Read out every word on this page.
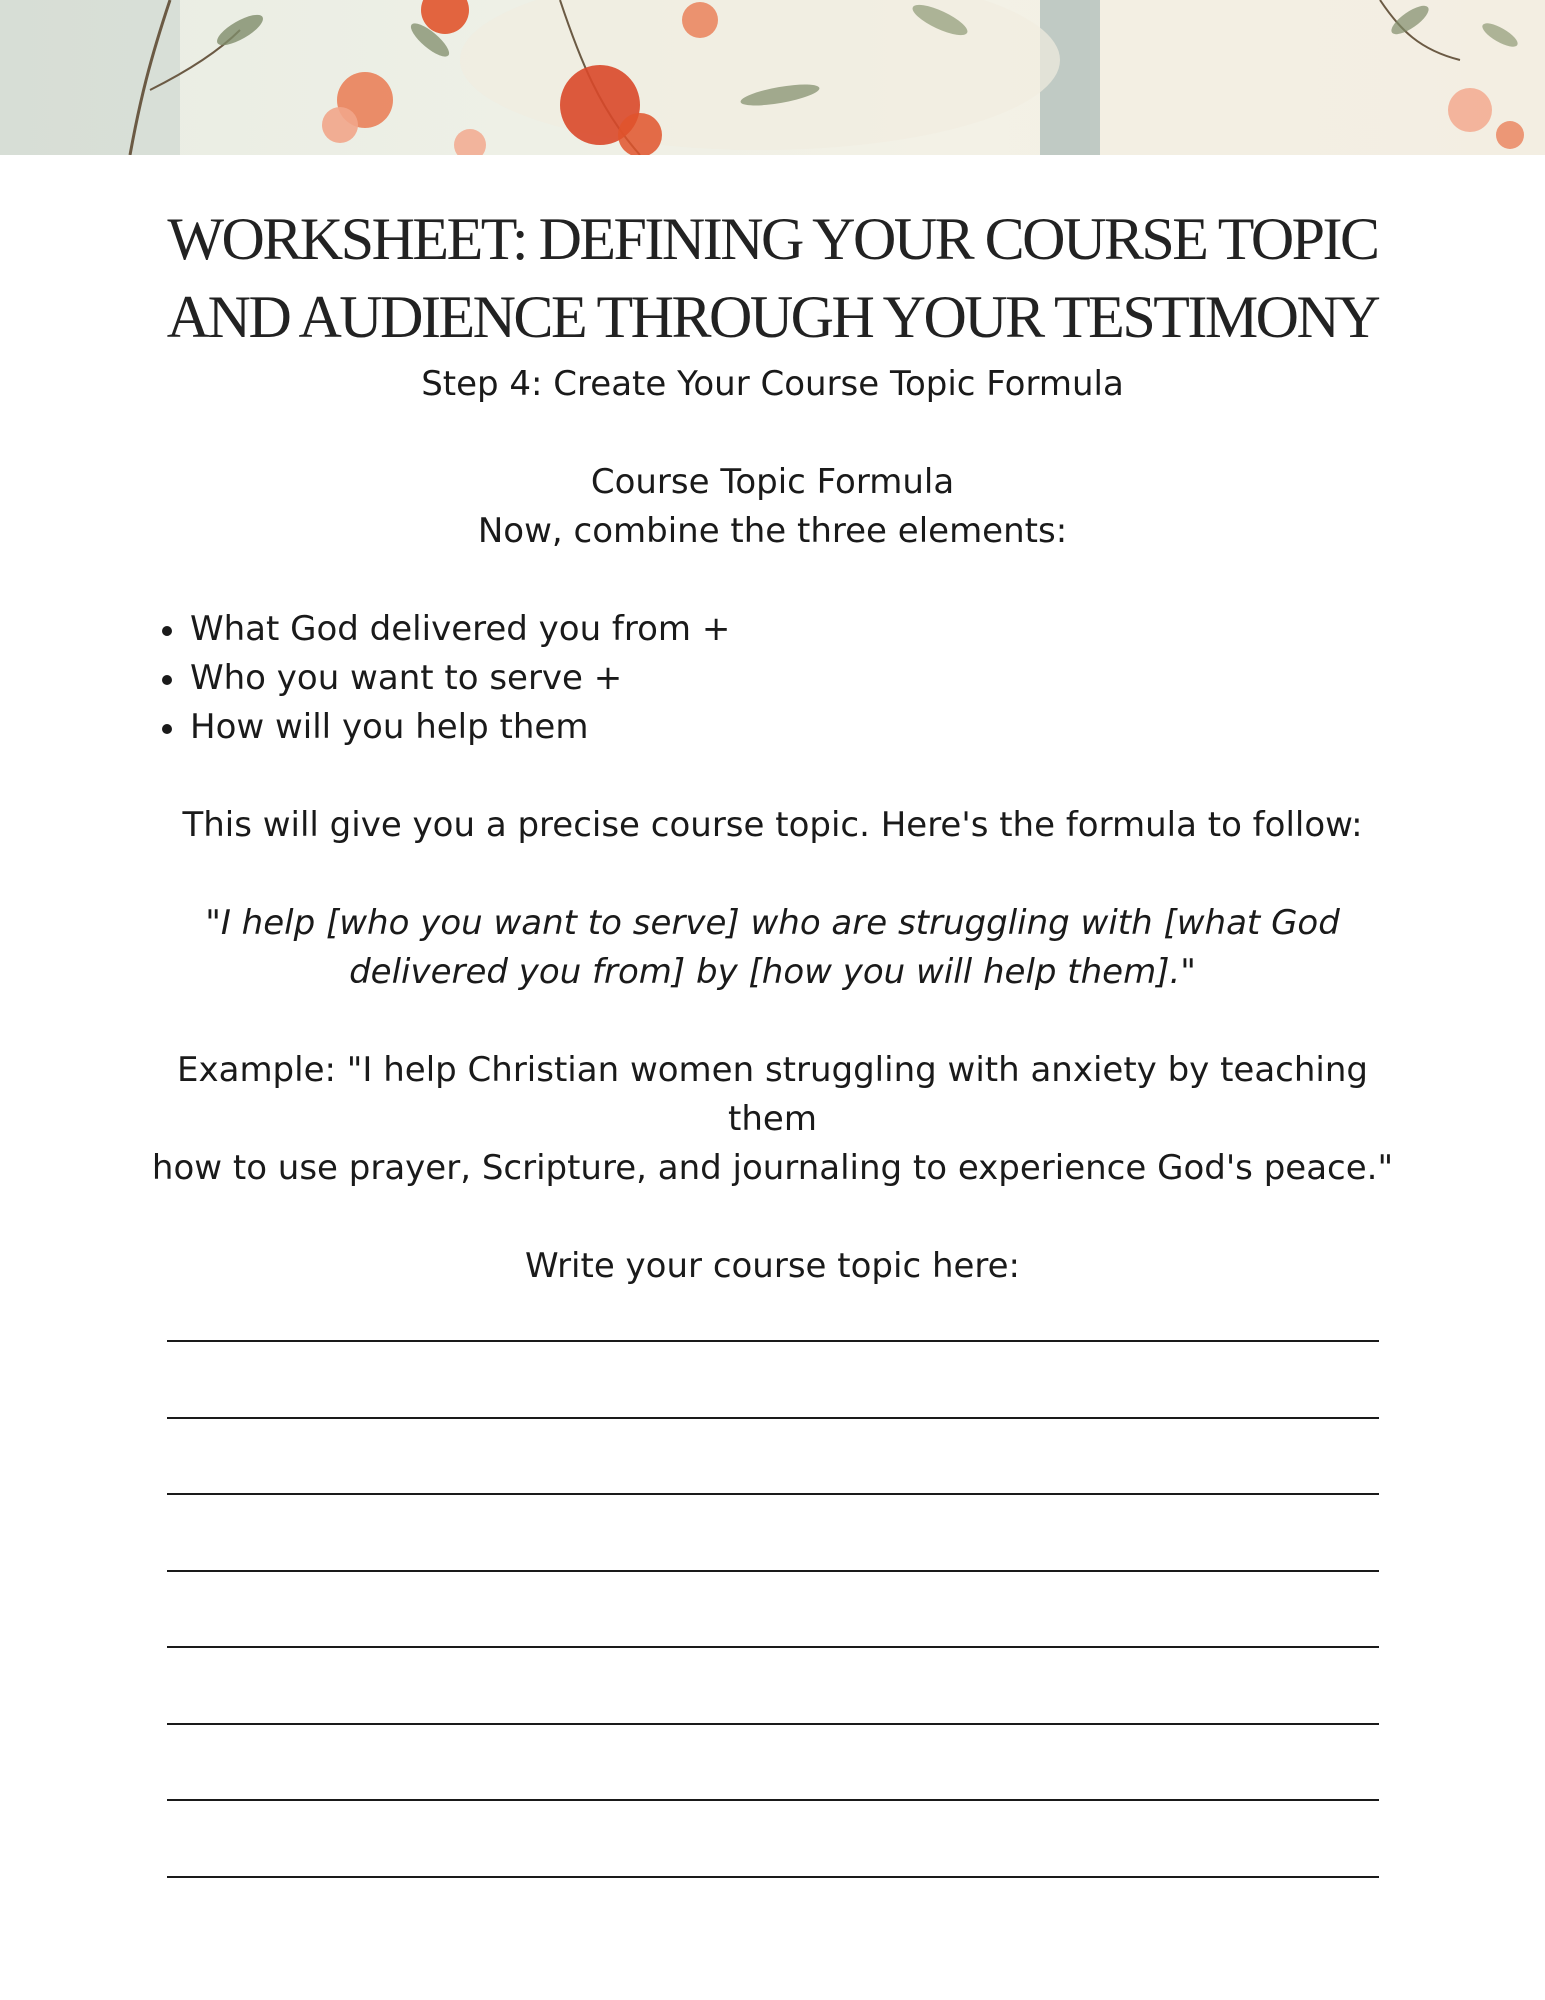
WORKSHEET: DEFINING YOUR COURSE TOPIC
AND AUDIENCE THROUGH YOUR TESTIMONY

Step 4: Create Your Course Topic Formula

Course Topic Formula

Now, combine the three elements:

What God delivered you from +
Who you want to serve +
How will you help them

This will give you a precise course topic. Here's the formula to follow:

"I help [who you want to serve] who are struggling with [what God
delivered you from] by [how you will help them]."

Example: "I help Christian women struggling with anxiety by teaching them
how to use prayer, Scripture, and journaling to experience God's peace."

Write your course topic here:
